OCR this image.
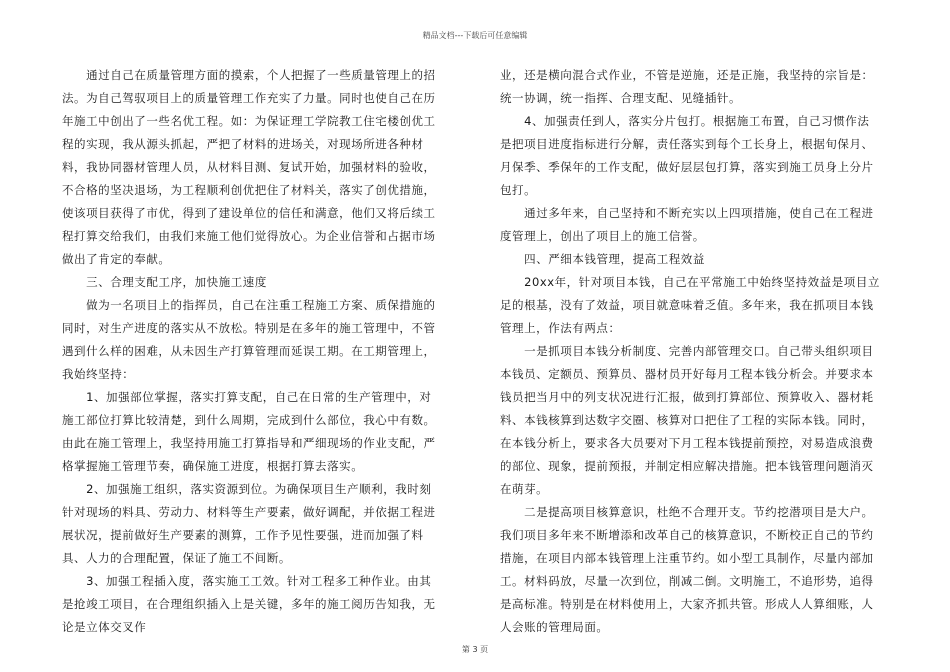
精品文档---下载后可任意编辑

通过自己在质量管理方面的摸索，个人把握了一些质量管理上的招法。为自己驾驭项目上的质量管理工作充实了力量。同时也使自己在历年施工中创出了一些名优工程。如：为保证理工学院教工住宅楼创优工程的实现，我从源头抓起，严把了材料的进场关，对现场所进各种材料，我协同器材管理人员，从材料目测、复试开始，加强材料的验收，不合格的坚决退场，为工程顺利创优把住了材料关，落实了创优措施，使该项目获得了市优，得到了建设单位的信任和满意，他们又将后续工程打算交给我们，由我们来施工他们觉得放心。为企业信誉和占据市场做出了肯定的奉献。

三、合理支配工序，加快施工速度

做为一名项目上的指挥员，自己在注重工程施工方案、质保措施的同时，对生产进度的落实从不放松。特别是在多年的施工管理中，不管遇到什么样的困难，从未因生产打算管理而延误工期。在工期管理上，我始终坚持：

1、加强部位掌握，落实打算支配，自己在日常的生产管理中，对施工部位打算比较清楚，到什么周期，完成到什么部位，我心中有数。由此在施工管理上，我坚持用施工打算指导和严细现场的作业支配，严格掌握施工管理节奏，确保施工进度，根据打算去落实。

2、加强施工组织，落实资源到位。为确保项目生产顺利，我时刻针对现场的料具、劳动力、材料等生产要素，做好调配，并依据工程进展状况，提前做好生产要素的测算，工作予见性要强，进而加强了料具、人力的合理配置，保证了施工不间断。

3、加强工程插入度，落实施工工效。针对工程多工种作业。由其是抢竣工项目，在合理组织插入上是关键，多年的施工阅历告知我，无论是立体交叉作

业，还是横向混合式作业，不管是逆施，还是正施，我坚持的宗旨是：统一协调，统一指挥、合理支配、见缝插针。

4、加强责任到人，落实分片包打。根据施工布置，自己习惯作法是把项目进度指标进行分解，责任落实到每个工长身上，根据旬保月、月保季、季保年的工作支配，做好层层包打算，落实到施工员身上分片包打。

通过多年来，自己坚持和不断充实以上四项措施，使自己在工程进度管理上，创出了项目上的施工信誉。

四、严细本钱管理，提高工程效益

20xx年，针对项目本钱，自己在平常施工中始终坚持效益是项目立足的根基，没有了效益，项目就意味着乏值。多年来，我在抓项目本钱管理上，作法有两点：

一是抓项目本钱分析制度、完善内部管理交口。自己带头组织项目本钱员、定额员、预算员、器材员开好每月工程本钱分析会。并要求本钱员把当月中的列支状况进行汇报，做到打算部位、预算收入、器材耗料、本钱核算到达数字交圈、核算对口把住了工程的实际本钱。同时，在本钱分析上，要求各大员要对下月工程本钱提前预控，对易造成浪费的部位、现象，提前预报，并制定相应解决措施。把本钱管理问题消灭在萌芽。

二是提高项目核算意识，杜绝不合理开支。节约挖潜项目是大户。我们项目多年来不断增添和改革自己的核算意识，不断校正自己的节约措施，在项目内部本钱管理上注重节约。如小型工具制作，尽量内部加工。材料码放，尽量一次到位，削减二倒。文明施工，不追形势，追得是高标准。特别是在材料使用上，大家齐抓共管。形成人人算细账，人人会账的管理局面。

第 3 页
